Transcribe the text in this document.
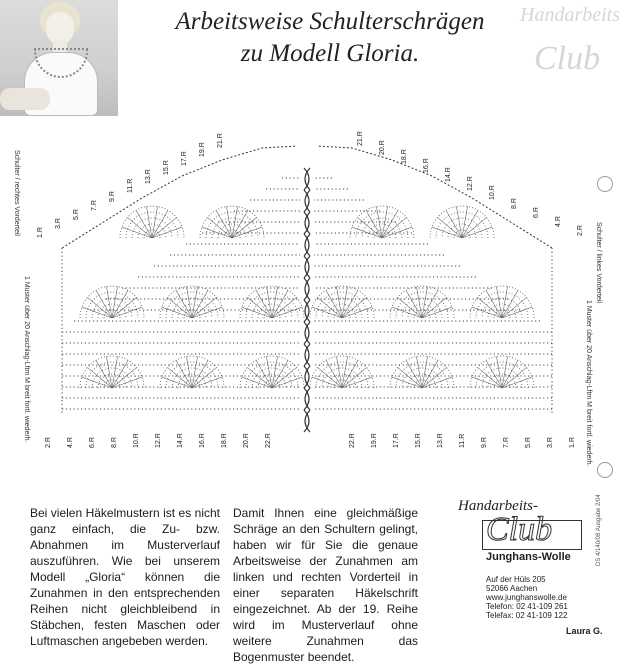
Arbeitsweise Schulterschrägen
zu Modell Gloria.
Handarbeits
Club
1.R
3.R
5.R
7.R
9.R
11.R
13.R
15.R
17.R
19.R
21.R
2.R 4.R 6.R 8.R 10.R 12.R 14.R 16.R 18.R 20.R 22.R
21.R
20.R
18.R
16.R
14.R
12.R
10.R
8.R
6.R
4.R
2.R
22.R 19.R 17.R 15.R 13.R 11.R 9.R 7.R 5.R 3.R 1.R
Schulter / rechtes Vorderteil
1 Muster über 20 Anschlag-Lftm M breit fortl. wiederh.
Schulter / linkes Vorderteil
1 Muster über 20 Anschlag-Lftm M breit fortl. wiederh.

Bei vielen Häkelmustern ist es nicht ganz einfach, die Zu- bzw. Abnahmen im Musterverlauf auszuführen. Wie bei unserem Modell „Gloria“ können die Zunahmen in den entsprechenden Reihen nicht gleichbleibend in Stäbchen, festen Maschen oder Luftmaschen angebeben werden.

Damit Ihnen eine gleichmäßige Schräge an den Schultern gelingt, haben wir für Sie die genaue Arbeitsweise der Zunahmen am linken und rechten Vorderteil in einer separaten Häkelschrift eingezeichnet. Ab der 19. Reihe wird im Musterverlauf ohne weitere Zunahmen das Bogenmuster beendet.

Handarbeits-
Club
Junghans-Wolle
Auf der Hüls 205
52066 Aachen
www.junghanswolle.de
Telefon: 02 41-109 261
Telefax: 02 41-109 122
DS 4/140/08 Ausgabe 2/04
Laura G.
